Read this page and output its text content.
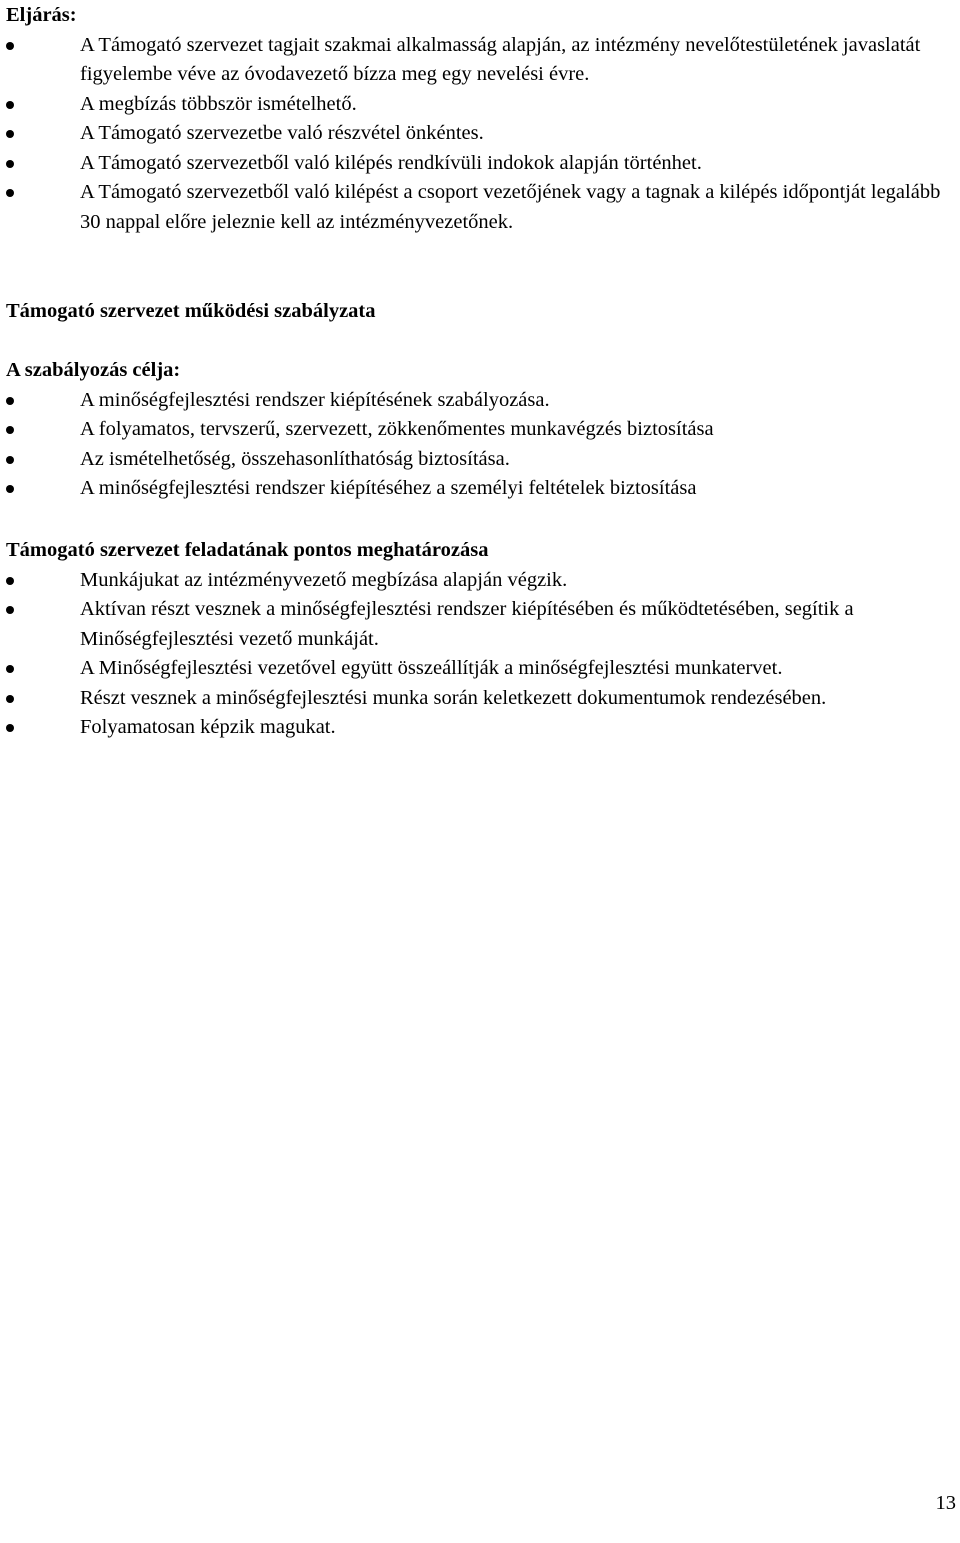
Eljárás:
A Támogató szervezet tagjait szakmai alkalmasság alapján, az intézmény nevelőtestületének javaslatát figyelembe véve az óvodavezető bízza meg egy nevelési évre.
A megbízás többször ismételhető.
A Támogató szervezetbe való részvétel önkéntes.
A Támogató szervezetből való kilépés rendkívüli indokok alapján történhet.
A Támogató szervezetből való kilépést a csoport vezetőjének vagy a tagnak a kilépés időpontját legalább 30 nappal előre jeleznie kell az intézményvezetőnek.
Támogató szervezet működési szabályzata
A szabályozás célja:
A minőségfejlesztési rendszer kiépítésének szabályozása.
A folyamatos, tervszerű, szervezett, zökkenőmentes munkavégzés biztosítása
Az ismételhetőség, összehasonlíthatóság biztosítása.
A minőségfejlesztési rendszer kiépítéséhez a személyi feltételek biztosítása
Támogató szervezet feladatának pontos meghatározása
Munkájukat az intézményvezető megbízása alapján végzik.
Aktívan részt vesznek a minőségfejlesztési rendszer kiépítésében és működtetésében, segítik a Minőségfejlesztési vezető munkáját.
A Minőségfejlesztési vezetővel együtt összeállítják a minőségfejlesztési munkatervet.
Részt vesznek a minőségfejlesztési munka során keletkezett dokumentumok rendezésében.
Folyamatosan képzik magukat.
13
